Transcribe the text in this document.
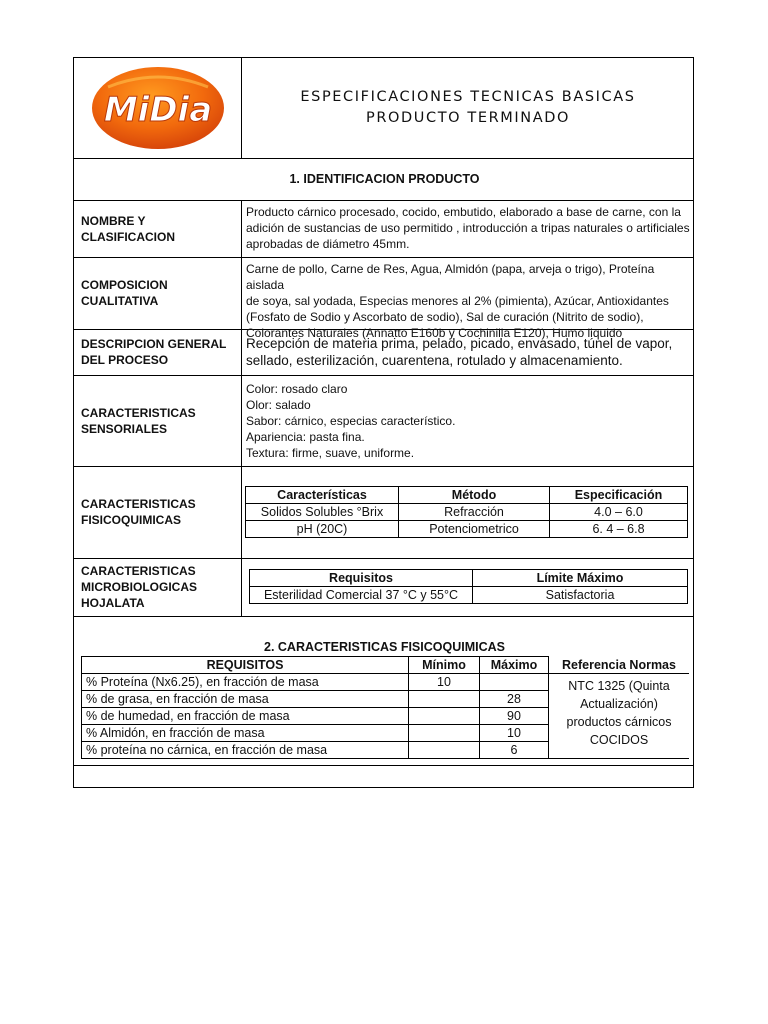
MiDia	ESPECIFICACIONES TECNICAS BASICAS
PRODUCTO TERMINADO
1. IDENTIFICACION PRODUCTO
NOMBRE Y CLASIFICACION
Producto cárnico procesado, cocido, embutido, elaborado a base de carne, con la
adición de sustancias de uso permitido , introducción a tripas naturales o artificiales
aprobadas de diámetro 45mm.
COMPOSICION
CUALITATIVA
Carne de pollo, Carne de Res, Agua, Almidón (papa, arveja o trigo), Proteína aislada
de soya, sal yodada, Especias menores al 2% (pimienta), Azúcar, Antioxidantes
(Fosfato de Sodio y Ascorbato de sodio), Sal de curación (Nitrito de sodio),
Colorantes Naturales (Annatto E160b y Cochinilla E120), Humo liquido
DESCRIPCION GENERAL
DEL PROCESO
Recepción de materia prima, pelado, picado, envasado, túnel de vapor,
sellado, esterilización, cuarentena, rotulado y almacenamiento.
CARACTERISTICAS
SENSORIALES
Color: rosado claro
Olor: salado
Sabor: cárnico, especias característico.
Apariencia: pasta fina.
Textura: firme, suave, uniforme.
CARACTERISTICAS
FISICOQUIMICAS
Características	Método	Especificación
Solidos Solubles °Brix	Refracción	4.0 – 6.0
pH (20C)	Potenciometrico	6. 4 – 6.8
CARACTERISTICAS
MICROBIOLOGICAS
HOJALATA
Requisitos	Límite Máximo
Esterilidad Comercial 37 °C y 55°C	Satisfactoria
2. CARACTERISTICAS FISICOQUIMICAS
REQUISITOS	Mínimo	Máximo	Referencia Normas
% Proteína (Nx6.25), en fracción de masa	10		NTC 1325 (Quinta
Actualización)
productos cárnicos
COCIDOS

% de grasa, en fracción de masa		28	
% de humedad, en fracción de masa		90	
% Almidón, en fracción de masa		10	
% proteína no cárnica, en fracción de masa		6	
